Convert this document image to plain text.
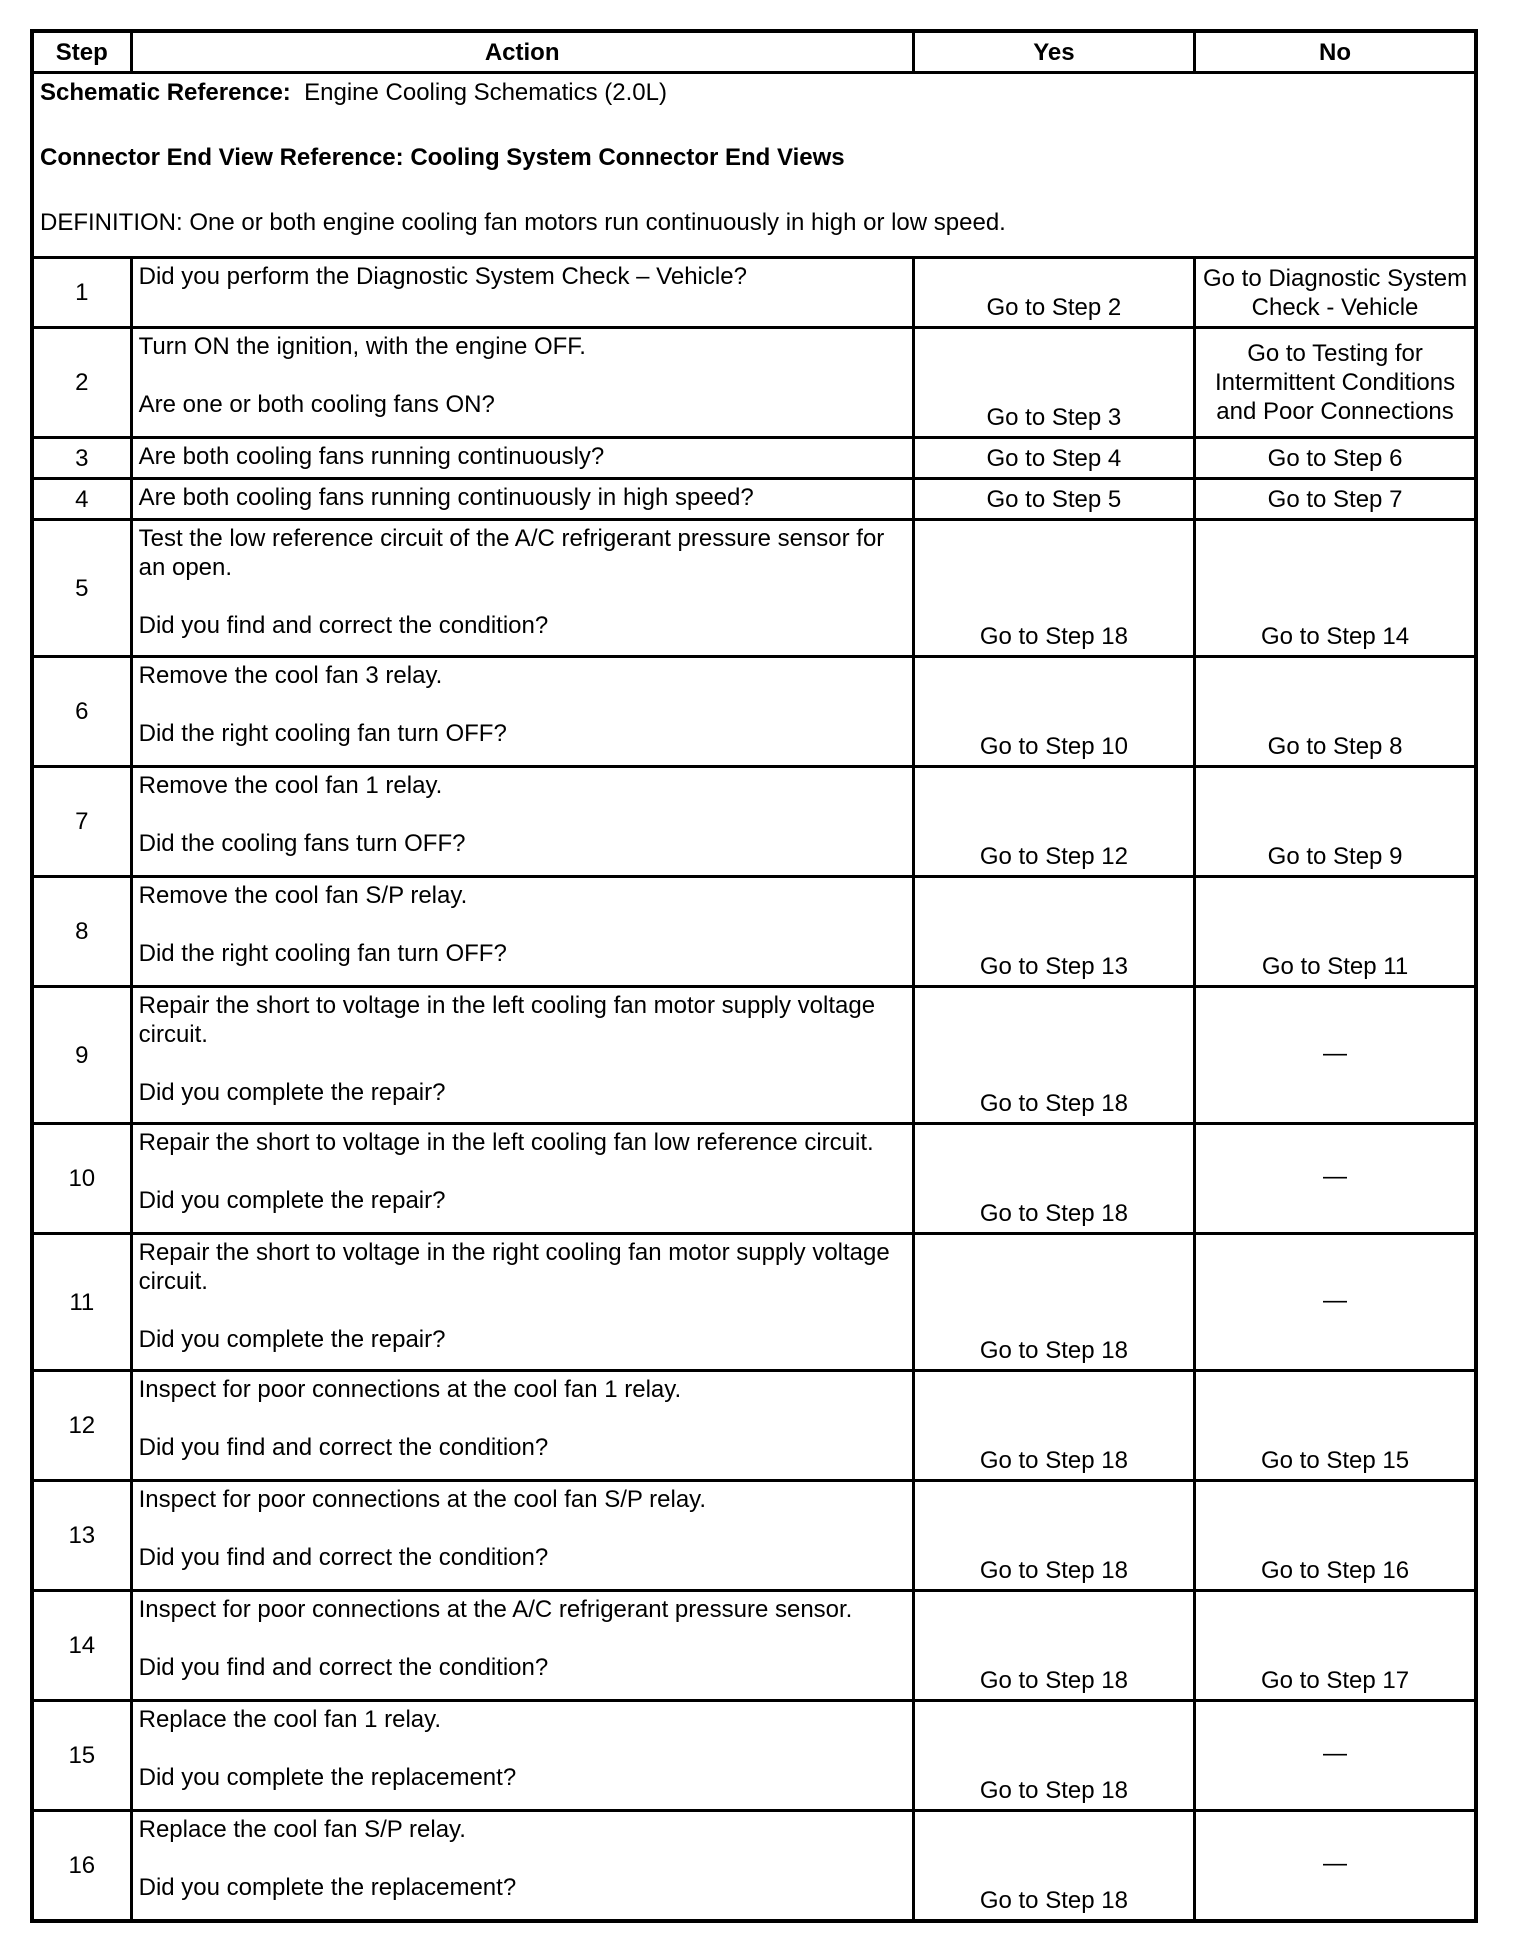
Step	Action	Yes	No

Schematic Reference: Engine Cooling Schematics (2.0L)
Connector End View Reference: Cooling System Connector End Views
DEFINITION: One or both engine cooling fan motors run continuously in high or low speed.			

1	Did you perform the Diagnostic System Check – Vehicle?	Go to Step 2	Go to Diagnostic System Check - Vehicle
2	Turn ON the ignition, with the engine OFF.
Are one or both cooling fans ON?	Go to Step 3	Go to Testing for Intermittent Conditions and Poor Connections
3	Are both cooling fans running continuously?	Go to Step 4	Go to Step 6
4	Are both cooling fans running continuously in high speed?	Go to Step 5	Go to Step 7
5	Test the low reference circuit of the A/C refrigerant pressure sensor for an open.
Did you find and correct the condition?	Go to Step 18	Go to Step 14
6	Remove the cool fan 3 relay.
Did the right cooling fan turn OFF?	Go to Step 10	Go to Step 8
7	Remove the cool fan 1 relay.
Did the cooling fans turn OFF?	Go to Step 12	Go to Step 9
8	Remove the cool fan S/P relay.
Did the right cooling fan turn OFF?	Go to Step 13	Go to Step 11
9	Repair the short to voltage in the left cooling fan motor supply voltage circuit.
Did you complete the repair?	Go to Step 18	—
10	Repair the short to voltage in the left cooling fan low reference circuit.
Did you complete the repair?	Go to Step 18	—
11	Repair the short to voltage in the right cooling fan motor supply voltage circuit.
Did you complete the repair?	Go to Step 18	—
12	Inspect for poor connections at the cool fan 1 relay.
Did you find and correct the condition?	Go to Step 18	Go to Step 15
13	Inspect for poor connections at the cool fan S/P relay.
Did you find and correct the condition?	Go to Step 18	Go to Step 16
14	Inspect for poor connections at the A/C refrigerant pressure sensor.
Did you find and correct the condition?	Go to Step 18	Go to Step 17
15	Replace the cool fan 1 relay.
Did you complete the replacement?	Go to Step 18	—
16	Replace the cool fan S/P relay.
Did you complete the replacement?	Go to Step 18	—
